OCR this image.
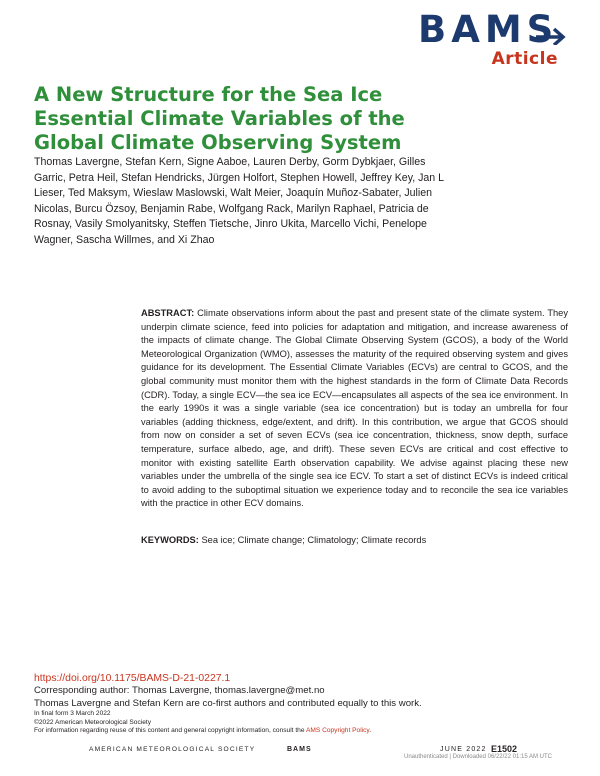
BAMS
Article
A New Structure for the Sea Ice Essential Climate Variables of the Global Climate Observing System
Thomas Lavergne, Stefan Kern, Signe Aaboe, Lauren Derby, Gorm Dybkjaer, Gilles Garric, Petra Heil, Stefan Hendricks, Jürgen Holfort, Stephen Howell, Jeffrey Key, Jan L Lieser, Ted Maksym, Wieslaw Maslowski, Walt Meier, Joaquín Muñoz-Sabater, Julien Nicolas, Burcu Özsoy, Benjamin Rabe, Wolfgang Rack, Marilyn Raphael, Patricia de Rosnay, Vasily Smolyanitsky, Steffen Tietsche, Jinro Ukita, Marcello Vichi, Penelope Wagner, Sascha Willmes, and Xi Zhao

ABSTRACT: Climate observations inform about the past and present state of the climate system. They underpin climate science, feed into policies for adaptation and mitigation, and increase awareness of the impacts of climate change. The Global Climate Observing System (GCOS), a body of the World Meteorological Organization (WMO), assesses the maturity of the required observing system and gives guidance for its development. The Essential Climate Variables (ECVs) are central to GCOS, and the global community must monitor them with the highest standards in the form of Climate Data Records (CDR). Today, a single ECV—the sea ice ECV—encapsulates all aspects of the sea ice environment. In the early 1990s it was a single variable (sea ice concentration) but is today an umbrella for four variables (adding thickness, edge/extent, and drift). In this contribution, we argue that GCOS should from now on consider a set of seven ECVs (sea ice concentration, thickness, snow depth, surface temperature, surface albedo, age, and drift). These seven ECVs are critical and cost effective to monitor with existing satellite Earth observation capability. We advise against placing these new variables under the umbrella of the single sea ice ECV. To start a set of distinct ECVs is indeed critical to avoid adding to the suboptimal situation we experience today and to reconcile the sea ice variables with the practice in other ECV domains.

KEYWORDS: Sea ice; Climate change; Climatology; Climate records

https://doi.org/10.1175/BAMS-D-21-0227.1
Corresponding author: Thomas Lavergne, thomas.lavergne@met.no
Thomas Lavergne and Stefan Kern are co-first authors and contributed equally to this work.
In final form 3 March 2022
©2022 American Meteorological Society
For information regarding reuse of this content and general copyright information, consult the AMS Copyright Policy.
AMERICAN METEOROLOGICAL SOCIETY	BAMS	JUNE 2022 E1502
Unauthenticated | Downloaded 06/22/22 01:15 AM UTC
